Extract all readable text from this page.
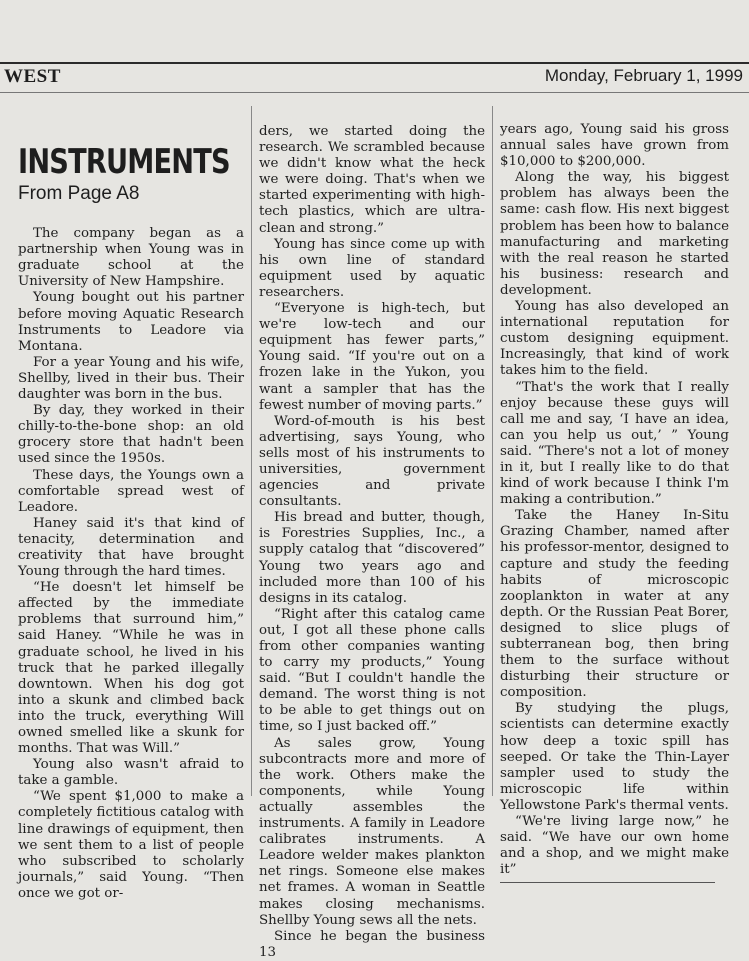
WEST	Monday, February 1, 1999
INSTRUMENTS
From Page A8

The company began as a partnership when Young was in graduate school at the University of New Hampshire.

Young bought out his partner before moving Aquatic Research Instruments to Leadore via Montana.

For a year Young and his wife, Shellby, lived in their bus. Their daughter was born in the bus.

By day, they worked in their chilly-to-the-bone shop: an old grocery store that hadn't been used since the 1950s.

These days, the Youngs own a comfortable spread west of Leadore.

Haney said it's that kind of tenacity, determination and creativity that have brought Young through the hard times.

“He doesn't let himself be affected by the immediate problems that surround him,” said Haney. “While he was in graduate school, he lived in his truck that he parked illegally downtown. When his dog got into a skunk and climbed back into the truck, everything Will owned smelled like a skunk for months. That was Will.”

Young also wasn't afraid to take a gamble.

“We spent $1,000 to make a completely fictitious catalog with line drawings of equipment, then we sent them to a list of people who subscribed to scholarly journals,” said Young. “Then once we got or-

ders, we started doing the research. We scrambled because we didn't know what the heck we were doing. That's when we started experimenting with high-tech plastics, which are ultra-clean and strong.”

Young has since come up with his own line of standard equipment used by aquatic researchers.

“Everyone is high-tech, but we're low-tech and our equipment has fewer parts,” Young said. “If you're out on a frozen lake in the Yukon, you want a sampler that has the fewest number of moving parts.”

Word-of-mouth is his best advertising, says Young, who sells most of his instruments to universities, government agencies and private consultants.

His bread and butter, though, is Forestries Supplies, Inc., a supply catalog that “discovered” Young two years ago and included more than 100 of his designs in its catalog.

“Right after this catalog came out, I got all these phone calls from other companies wanting to carry my products,” Young said. “But I couldn't handle the demand. The worst thing is not to be able to get things out on time, so I just backed off.”

As sales grow, Young subcontracts more and more of the work. Others make the components, while Young actually assembles the instruments. A family in Leadore calibrates instruments. A Leadore welder makes plankton net rings. Someone else makes net frames. A woman in Seattle makes closing mechanisms. Shellby Young sews all the nets.

Since he began the business 13

years ago, Young said his gross annual sales have grown from $10,000 to $200,000.

Along the way, his biggest problem has always been the same: cash flow. His next biggest problem has been how to balance manufacturing and marketing with the real reason he started his business: research and development.

Young has also developed an international reputation for custom designing equipment. Increasingly, that kind of work takes him to the field.

“That's the work that I really enjoy because these guys will call me and say, ‘I have an idea, can you help us out,’ ” Young said. “There's not a lot of money in it, but I really like to do that kind of work because I think I'm making a contribution.”

Take the Haney In-Situ Grazing Chamber, named after his professor-mentor, designed to capture and study the feeding habits of microscopic zooplankton in water at any depth. Or the Russian Peat Borer, designed to slice plugs of subterranean bog, then bring them to the surface without disturbing their structure or composition.

By studying the plugs, scientists can determine exactly how deep a toxic spill has seeped. Or take the Thin-Layer sampler used to study the microscopic life within Yellowstone Park's thermal vents.

“We're living large now,” he said. “We have our own home and a shop, and we might make it”
